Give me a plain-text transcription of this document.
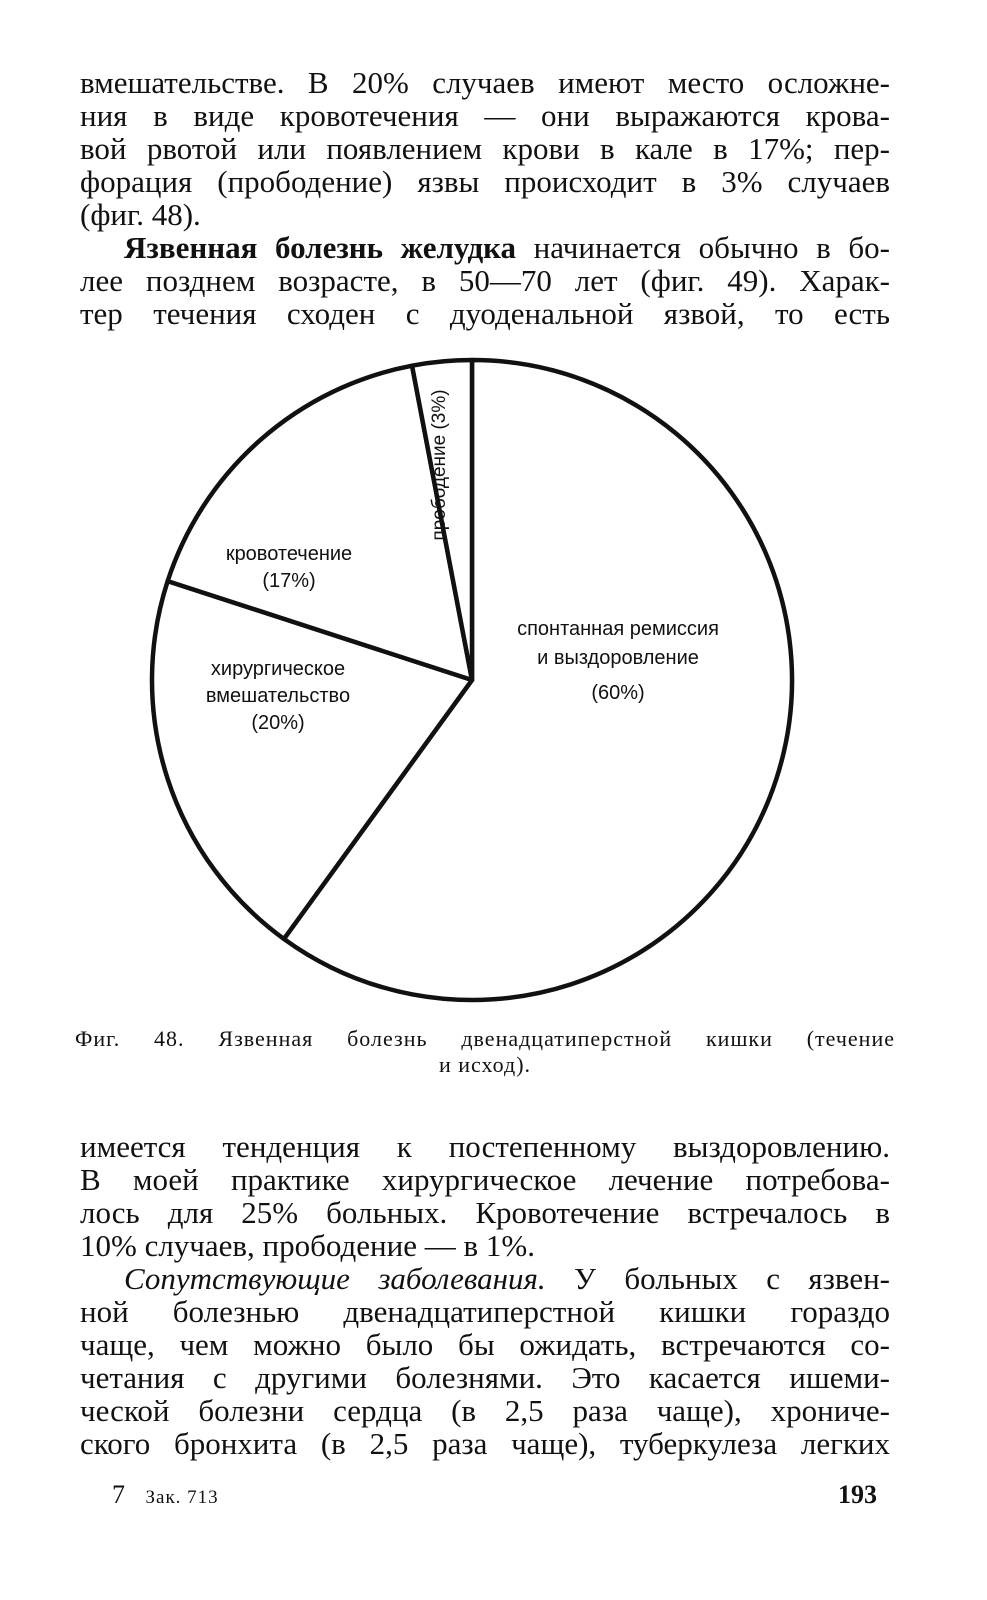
вмешательстве. В 20% случаев имеют место осложне-
ния в виде кровотечения — они выражаются крова-
вой рвотой или появлением крови в кале в 17%; пер-
форация (прободение) язвы происходит в 3% случаев
(фиг. 48).
Язвенная болезнь желудка начинается обычно в бо-
лее позднем возрасте, в 50—70 лет (фиг. 49). Харак-
тер течения сходен с дуоденальной язвой, то есть
спонтанная ремиссия и выздоровление (60%)
хирургическое вмешательство (20%)
кровотечение (17%)
прободение (3%)
Фиг. 48. Язвенная болезнь двенадцатиперстной кишки (течение
и исход).
имеется тенденция к постепенному выздоровлению.
В моей практике хирургическое лечение потребова-
лось для 25% больных. Кровотечение встречалось в
10% случаев, прободение — в 1%.
Сопутствующие заболевания. У больных с язвен-
ной болезнью двенадцатиперстной кишки гораздо
чаще, чем можно было бы ожидать, встречаются со-
четания с другими болезнями. Это касается ишеми-
ческой болезни сердца (в 2,5 раза чаще), хрониче-
ского бронхита (в 2,5 раза чаще), туберкулеза легких
7 Зак. 713	193
